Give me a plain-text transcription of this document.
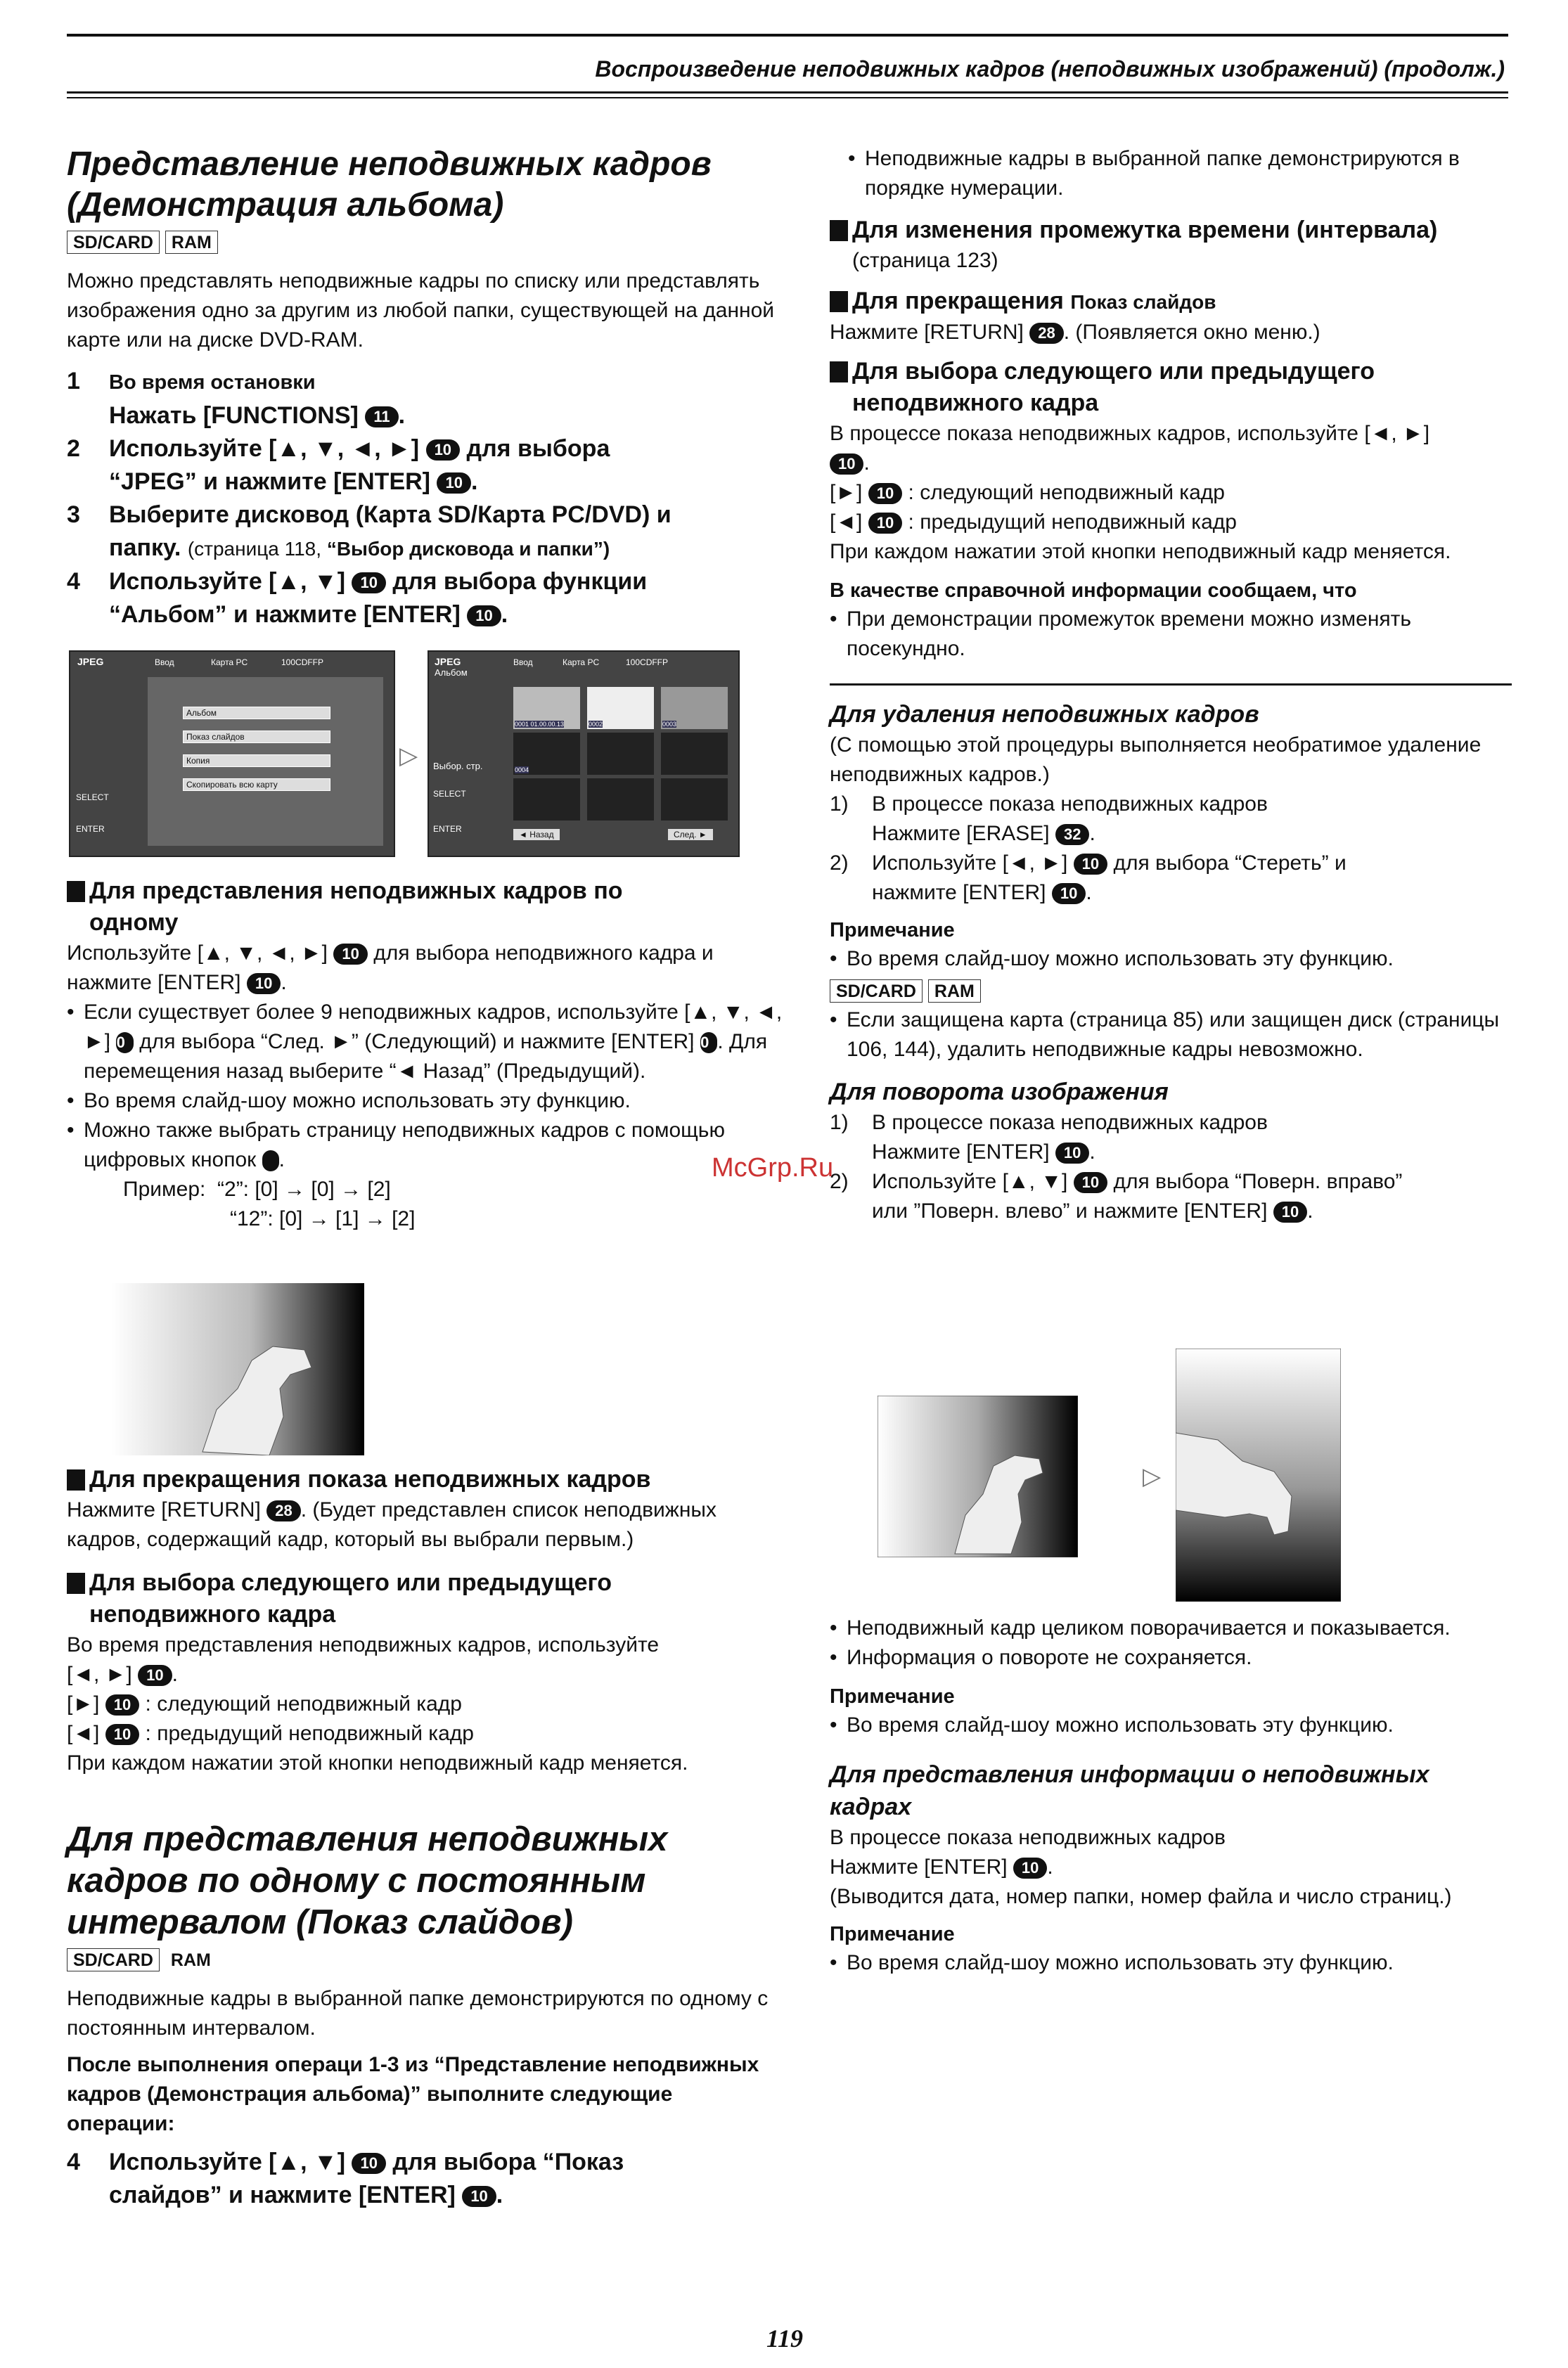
Воспроизведение неподвижных кадров (неподвижных изображений) (продолж.)
Представление неподвижных кадров
(Демонстрация альбома)
SD/CARD RAM

Можно представлять неподвижные кадры по списку или представлять изображения одно за другим из любой папки, существующей на данной карте или на диске DVD-RAM.

1	Во время остановки
Нажать [FUNCTIONS] 11 .
2	Используйте [▲, ▼, ◄, ►] 10 для выбора
“JPEG” и нажмите [ENTER] 10 .
3	Выберите дисковод (Карта SD/Карта PC/DVD) и
папку. (страница 118, “Выбор дисковода и папки”)
4	Используйте [▲, ▼] 10 для выбора функции
“Альбом” и нажмите [ENTER] 10 .
JPEG	Ввод	Карта PC	100CDFFP
Альбом
Показ слайдов
Копия
Скопировать всю карту
SELECT
ENTER
▷
JPEG
Альбом
Ввод	Карта PC	100CDFFP
0001 01.00.00.13	0002	0003
0004
Выбор. стр.
SELECT
ENTER
◄ Назад	След. ►
Для представления неподвижных кадров по
одному

Используйте [▲, ▼, ◄, ►] 10 для выбора неподвижного кадра и нажмите [ENTER] 10 .

• Если существует более 9 неподвижных кадров, используйте [▲, ▼, ◄, ►] 10 для выбора “След. ►” (Следующий) и нажмите [ENTER] 10 . Для перемещения назад выберите “◄ Назад” (Предыдущий).

• Во время слайд-шоу можно использовать эту функцию.

• Можно также выбрать страницу неподвижных кадров с помощью цифровых кнопок 4 .

Пример: “2”: [0] → [0] → [2]

“12”: [0] → [1] → [2]

Для прекращения показа неподвижных кадров

Нажмите [RETURN] 28 . (Будет представлен список неподвижных кадров, содержащий кадр, который вы выбрали первым.)

Для выбора следующего или предыдущего
неподвижного кадра

Во время представления неподвижных кадров, используйте

[◄, ►] 10 .

[►] 10 : следующий неподвижный кадр

[◄] 10 : предыдущий неподвижный кадр

При каждом нажатии этой кнопки неподвижный кадр меняется.

Для представления неподвижных
кадров по одному с постоянным
интервалом (Показ слайдов)
SD/CARD RAM

Неподвижные кадры в выбранной папке демонстрируются по одному с постоянным интервалом.

После выполнения операци 1-3 из “Представление неподвижных кадров (Демонстрация альбома)” выполните следующие операции:

4	Используйте [▲, ▼] 10 для выбора “Показ
слайдов” и нажмите [ENTER] 10 .

• Неподвижные кадры в выбранной папке демонстрируются в порядке нумерации.

Для изменения промежутка времени (интервала)

(страница 123)

Для прекращения Показ слайдов

Нажмите [RETURN] 28 . (Появляется окно меню.)

Для выбора следующего или предыдущего
неподвижного кадра

В процессе показа неподвижных кадров, используйте [◄, ►]
10 .

[►] 10 : следующий неподвижный кадр

[◄] 10 : предыдущий неподвижный кадр

При каждом нажатии этой кнопки неподвижный кадр меняется.

В качестве справочной информации сообщаем, что

• При демонстрации промежуток времени можно изменять посекундно.

Для удаления неподвижных кадров

(С помощью этой процедуры выполняется необратимое удаление неподвижных кадров.)

1)	В процессе показа неподвижных кадров
Нажмите [ERASE] 32 .
2)	Используйте [◄, ►] 10 для выбора “Стереть” и
нажмите [ENTER] 10 .
Примечание

• Во время слайд-шоу можно использовать эту функцию.

SD/CARD RAM

• Если защищена карта (страница 85) или защищен диск (страницы 106, 144), удалить неподвижные кадры невозможно.

Для поворота изображения
1)	В процессе показа неподвижных кадров
Нажмите [ENTER] 10 .
2)	Используйте [▲, ▼] 10 для выбора “Поверн. вправо”
или ”Поверн. влево” и нажмите [ENTER] 10 .
▷

• Неподвижный кадр целиком поворачивается и показывается.

• Информация о повороте не сохраняется.

Примечание

• Во время слайд-шоу можно использовать эту функцию.

Для представления информации о неподвижных
кадрах

В процессе показа неподвижных кадров

Нажмите [ENTER] 10 .

(Выводится дата, номер папки, номер файла и число страниц.)

Примечание

• Во время слайд-шоу можно использовать эту функцию.

McGrp.Ru
119
